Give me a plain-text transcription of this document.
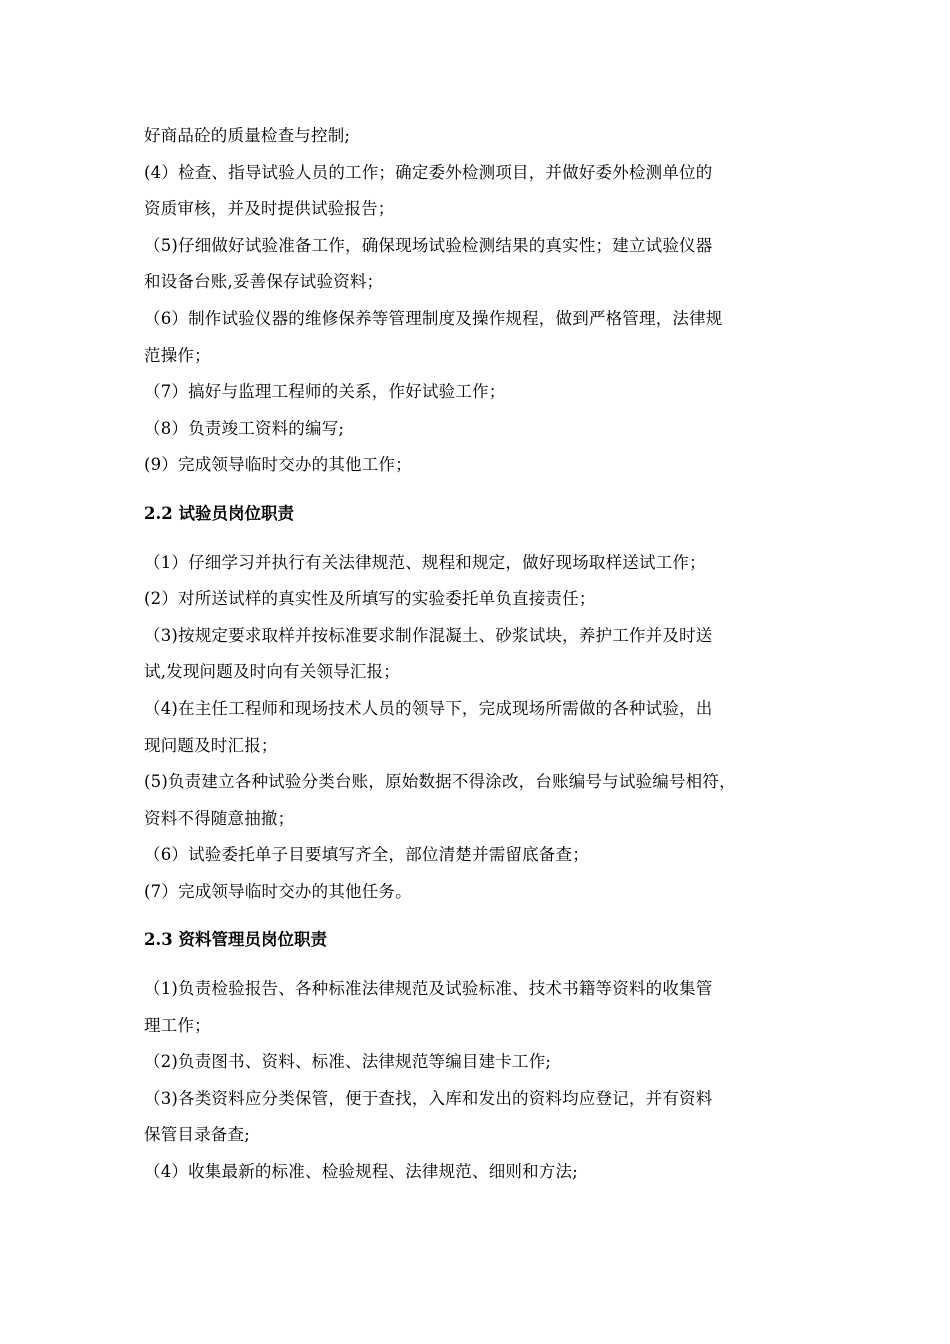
好商品砼的质量检查与控制;
(4）检查、指导试验人员的工作；确定委外检测项目，并做好委外检测单位的
资质审核，并及时提供试验报告；
（5)仔细做好试验准备工作，确保现场试验检测结果的真实性；建立试验仪器
和设备台账,妥善保存试验资料；
（6）制作试验仪器的维修保养等管理制度及操作规程，做到严格管理，法律规
范操作；
（7）搞好与监理工程师的关系，作好试验工作；
（8）负责竣工资料的编写;
(9）完成领导临时交办的其他工作；
2.2 试验员岗位职责
（1）仔细学习并执行有关法律规范、规程和规定，做好现场取样送试工作；
(2）对所送试样的真实性及所填写的实验委托单负直接责任；
（3)按规定要求取样并按标准要求制作混凝土、砂浆试块，养护工作并及时送
试,发现问题及时向有关领导汇报；
（4)在主任工程师和现场技术人员的领导下，完成现场所需做的各种试验，出
现问题及时汇报；
(5)负责建立各种试验分类台账，原始数据不得涂改，台账编号与试验编号相符，
资料不得随意抽撤；
（6）试验委托单子目要填写齐全，部位清楚并需留底备查；
(7）完成领导临时交办的其他任务。
2.3 资料管理员岗位职责
（1)负责检验报告、各种标准法律规范及试验标准、技术书籍等资料的收集管
理工作；
（2)负责图书、资料、标准、法律规范等编目建卡工作;
（3)各类资料应分类保管，便于查找，入库和发出的资料均应登记，并有资料
保管目录备查;
（4）收集最新的标准、检验规程、法律规范、细则和方法;
